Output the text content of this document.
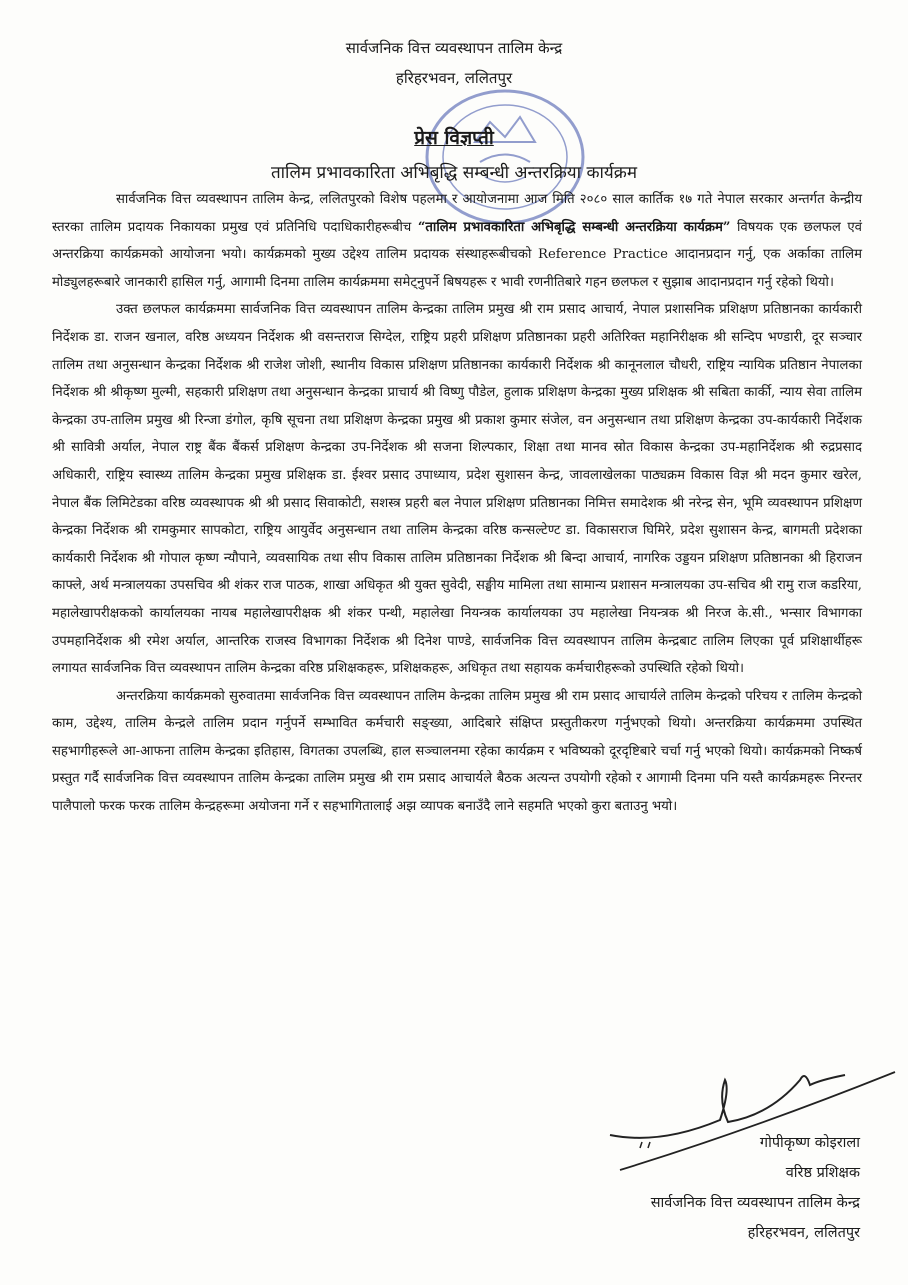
सार्वजनिक वित्त व्यवस्थापन तालिम केन्द्र
हरिहरभवन, ललितपुर
प्रेस विज्ञप्ती
तालिम प्रभावकारिता अभिबृद्धि सम्बन्धी अन्तरक्रिया कार्यक्रम

सार्वजनिक वित्त व्यवस्थापन तालिम केन्द्र, ललितपुरको विशेष पहलमा र आयोजनामा आज मिति २०८० साल कार्तिक १७ गते नेपाल सरकार अन्तर्गत केन्द्रीय स्तरका तालिम प्रदायक निकायका प्रमुख एवं प्रतिनिधि पदाधिकारीहरूबीच “तालिम प्रभावकारिता अभिबृद्धि सम्बन्धी अन्तरक्रिया कार्यक्रम” विषयक एक छलफल एवं अन्तरक्रिया कार्यक्रमको आयोजना भयो। कार्यक्रमको मुख्य उद्देश्य तालिम प्रदायक संस्थाहरूबीचको Reference Practice आदानप्रदान गर्नु, एक अर्काका तालिम मोड्युलहरूबारे जानकारी हासिल गर्नु, आगामी दिनमा तालिम कार्यक्रममा समेट्नुपर्ने बिषयहरू र भावी रणनीतिबारे गहन छलफल र सुझाब आदानप्रदान गर्नु रहेको थियो।

उक्त छलफल कार्यक्रममा सार्वजनिक वित्त व्यवस्थापन तालिम केन्द्रका तालिम प्रमुख श्री राम प्रसाद आचार्य, नेपाल प्रशासनिक प्रशिक्षण प्रतिष्ठानका कार्यकारी निर्देशक डा. राजन खनाल, वरिष्ठ अध्ययन निर्देशक श्री वसन्तराज सिग्देल, राष्ट्रिय प्रहरी प्रशिक्षण प्रतिष्ठानका प्रहरी अतिरिक्त महानिरीक्षक श्री सन्दिप भण्डारी, दूर सञ्चार तालिम तथा अनुसन्धान केन्द्रका निर्देशक श्री राजेश जोशी, स्थानीय विकास प्रशिक्षण प्रतिष्ठानका कार्यकारी निर्देशक श्री कानूनलाल चौधरी, राष्ट्रिय न्यायिक प्रतिष्ठान नेपालका निर्देशक श्री श्रीकृष्ण मुल्मी, सहकारी प्रशिक्षण तथा अनुसन्धान केन्द्रका प्राचार्य श्री विष्णु पौडेल, हुलाक प्रशिक्षण केन्द्रका मुख्य प्रशिक्षक श्री सबिता कार्की, न्याय सेवा तालिम केन्द्रका उप-तालिम प्रमुख श्री रिन्जा डंगोल, कृषि सूचना तथा प्रशिक्षण केन्द्रका प्रमुख श्री प्रकाश कुमार संजेल, वन अनुसन्धान तथा प्रशिक्षण केन्द्रका उप-कार्यकारी निर्देशक श्री सावित्री अर्याल, नेपाल राष्ट्र बैंक बैंकर्स प्रशिक्षण केन्द्रका उप-निर्देशक श्री सजना शिल्पकार, शिक्षा तथा मानव स्रोत विकास केन्द्रका उप-महानिर्देशक श्री रुद्रप्रसाद अधिकारी, राष्ट्रिय स्वास्थ्य तालिम केन्द्रका प्रमुख प्रशिक्षक डा. ईश्वर प्रसाद उपाध्याय, प्रदेश सुशासन केन्द्र, जावलाखेलका पाठ्यक्रम विकास विज्ञ श्री मदन कुमार खरेल, नेपाल बैंक लिमिटेडका वरिष्ठ व्यवस्थापक श्री श्री प्रसाद सिवाकोटी, सशस्त्र प्रहरी बल नेपाल प्रशिक्षण प्रतिष्ठानका निमित्त समादेशक श्री नरेन्द्र सेन, भूमि व्यवस्थापन प्रशिक्षण केन्द्रका निर्देशक श्री रामकुमार सापकोटा, राष्ट्रिय आयुर्वेद अनुसन्धान तथा तालिम केन्द्रका वरिष्ठ कन्सल्टेण्ट डा. विकासराज घिमिरे, प्रदेश सुशासन केन्द्र, बागमती प्रदेशका कार्यकारी निर्देशक श्री गोपाल कृष्ण न्यौपाने, व्यवसायिक तथा सीप विकास तालिम प्रतिष्ठानका निर्देशक श्री बिन्दा आचार्य, नागरिक उड्डयन प्रशिक्षण प्रतिष्ठानका श्री हिराजन काफ्ले, अर्थ मन्त्रालयका उपसचिव श्री शंकर राज पाठक, शाखा अधिकृत श्री युक्त सुवेदी, सङ्घीय मामिला तथा सामान्य प्रशासन मन्त्रालयका उप-सचिव श्री रामु राज कडरिया, महालेखापरीक्षकको कार्यालयका नायब महालेखापरीक्षक श्री शंकर पन्थी, महालेखा नियन्त्रक कार्यालयका उप महालेखा नियन्त्रक श्री निरज के.सी., भन्सार विभागका उपमहानिर्देशक श्री रमेश अर्याल, आन्तरिक राजस्व विभागका निर्देशक श्री दिनेश पाण्डे, सार्वजनिक वित्त व्यवस्थापन तालिम केन्द्रबाट तालिम लिएका पूर्व प्रशिक्षार्थीहरू लगायत सार्वजनिक वित्त व्यवस्थापन तालिम केन्द्रका वरिष्ठ प्रशिक्षकहरू, प्रशिक्षकहरू, अधिकृत तथा सहायक कर्मचारीहरूको उपस्थिति रहेको थियो।

अन्तरक्रिया कार्यक्रमको सुरुवातमा सार्वजनिक वित्त व्यवस्थापन तालिम केन्द्रका तालिम प्रमुख श्री राम प्रसाद आचार्यले तालिम केन्द्रको परिचय र तालिम केन्द्रको काम, उद्देश्य, तालिम केन्द्रले तालिम प्रदान गर्नुपर्ने सम्भावित कर्मचारी सङ्ख्या, आदिबारे संक्षिप्त प्रस्तुतीकरण गर्नुभएको थियो। अन्तरक्रिया कार्यक्रममा उपस्थित सहभागीहरूले आ-आफना तालिम केन्द्रका इतिहास, विगतका उपलब्धि, हाल सञ्चालनमा रहेका कार्यक्रम र भविष्यको दूरदृष्टिबारे चर्चा गर्नु भएको थियो। कार्यक्रमको निष्कर्ष प्रस्तुत गर्दै सार्वजनिक वित्त व्यवस्थापन तालिम केन्द्रका तालिम प्रमुख श्री राम प्रसाद आचार्यले बैठक अत्यन्त उपयोगी रहेको र आगामी दिनमा पनि यस्तै कार्यक्रमहरू निरन्तर पालैपालो फरक फरक तालिम केन्द्रहरूमा अयोजना गर्ने र सहभागितालाई अझ व्यापक बनाउँदै लाने सहमति भएको कुरा बताउनु भयो।

गोपीकृष्ण कोइराला
वरिष्ठ प्रशिक्षक
सार्वजनिक वित्त व्यवस्थापन तालिम केन्द्र
हरिहरभवन, ललितपुर
